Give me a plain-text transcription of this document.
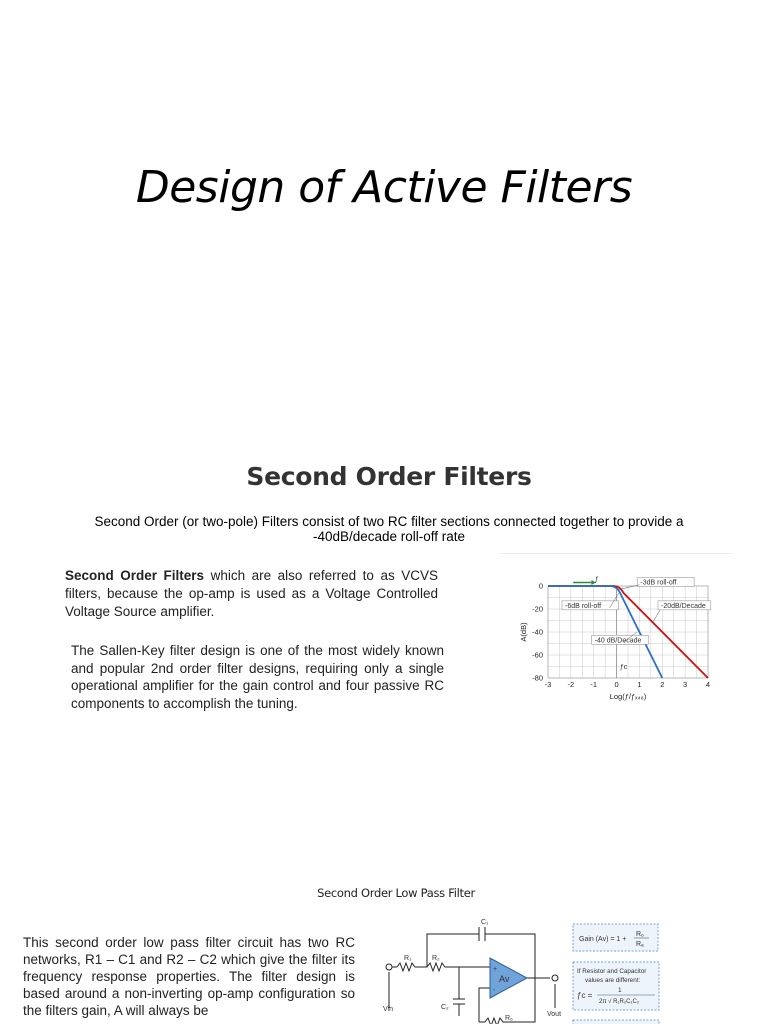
Design of Active Filters
Second Order Filters
Second Order (or two-pole) Filters consist of two RC filter sections connected together to provide a -40dB/decade roll-off rate
Second Order Filters which are also referred to as VCVS filters, because the op-amp is used as a Voltage Controlled Voltage Source amplifier.
The Sallen-Key filter design is one of the most widely known and popular 2nd order filter designs, requiring only a single operational amplifier for the gain control and four passive RC components to accomplish the tuning.
-3 -2 -1 0 1 2 3 4
0
-20
-40
-60
-80
Log(ƒ/ƒₓ₄₈)
A(dB)
-3dB roll-off
-6dB roll-off	-20dB/Decade
-40 dB/Decade
ƒc
ƒ
Second Order Low Pass Filter
This second order low pass filter circuit has two RC networks, R1 – C1 and R2 – C2 which give the filter its frequency response properties. The filter design is based around a non-inverting op-amp configuration so the filters gain, A will always be
+
-
Av
C₁
R₁	R₂
C₂
R₆
Vin
Vout
Gain (Av) = 1 +
R₆
Rₐ
If Resistor and Capacitor
values are different:
ƒc =
1
2π √ R₁R₂C₁C₂
